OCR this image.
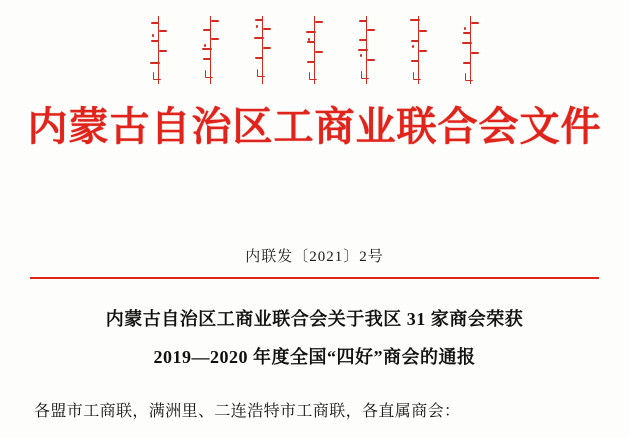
内蒙古自治区工商业联合会文件
内联发〔2021〕2号
内蒙古自治区工商业联合会关于我区 31 家商会荣获
2019—2020 年度全国“四好”商会的通报
各盟市工商联，满洲里、二连浩特市工商联，各直属商会：
